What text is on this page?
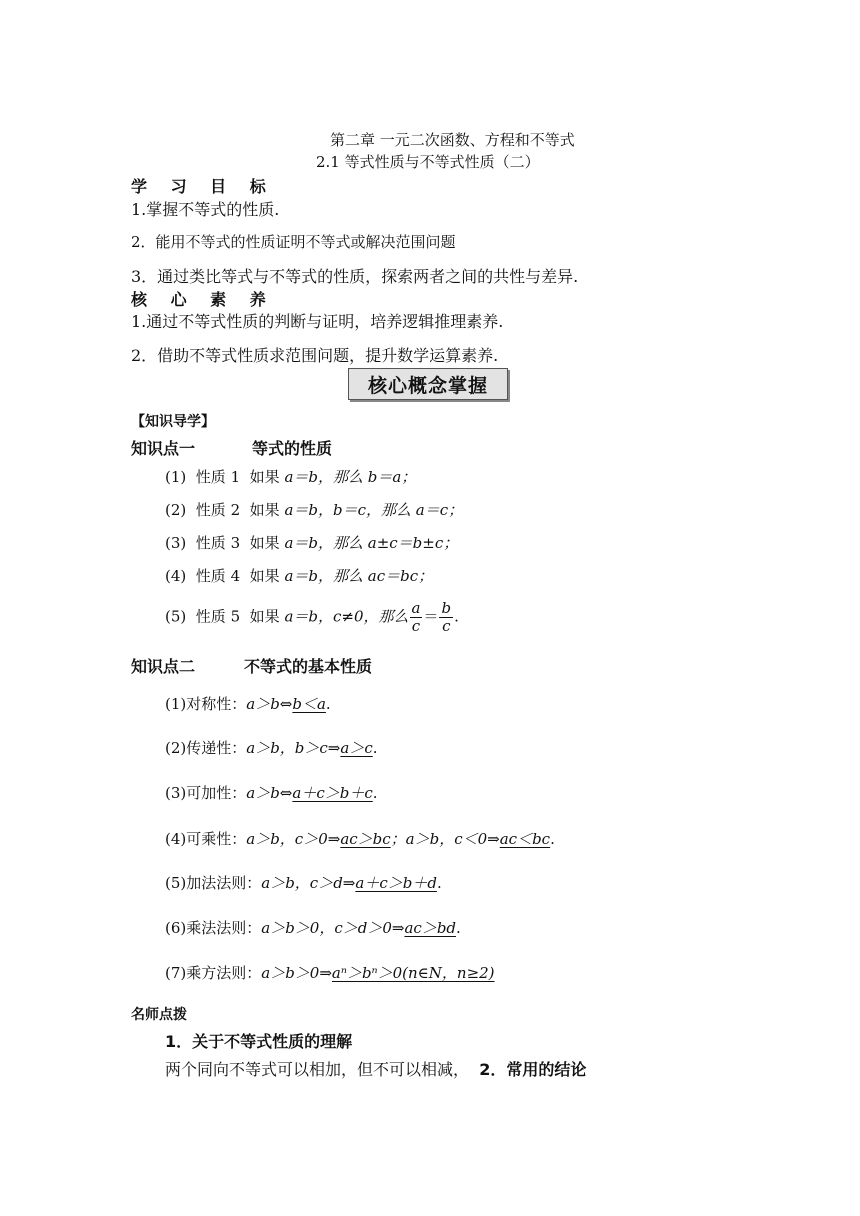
第二章 一元二次函数、方程和不等式
2.1 等式性质与不等式性质（二）
学 习 目 标
1.掌握不等式的性质.
2．能用不等式的性质证明不等式或解决范围问题
3．通过类比等式与不等式的性质，探索两者之间的共性与差异.
核 心 素 养
1.通过不等式性质的判断与证明，培养逻辑推理素养.
2．借助不等式性质求范围问题，提升数学运算素养.
核心概念掌握
【知识导学】
知识点一	等式的性质
(1) 性质 1 如果 a＝b，那么 b＝a；
(2) 性质 2 如果 a＝b，b＝c，那么 a＝c；
(3) 性质 3 如果 a＝b，那么 a±c＝b±c；
(4) 性质 4 如果 a＝b，那么 ac＝bc；
(5) 性质 5 如果 a＝b，c≠0，那么 $\frac{a}{c} = \frac{b}{c}$ .
知识点二	不等式的基本性质
(1)对称性：a＞b⇔b＜a.
(2)传递性：a＞b，b＞c⇒a＞c.
(3)可加性：a＞b⇔a＋c＞b＋c.
(4)可乘性：a＞b，c＞0⇒ac＞bc；a＞b，c＜0⇒ac＜bc.
(5)加法法则：a＞b，c＞d⇒a＋c＞b＋d.
(6)乘法法则：a＞b＞0，c＞d＞0⇒ac＞bd.
(7)乘方法则：a＞b＞0⇒aⁿ＞bⁿ＞0(n∈N，n≥2)
名师点拨
1．关于不等式性质的理解
两个同向不等式可以相加，但不可以相减， 2．常用的结论
